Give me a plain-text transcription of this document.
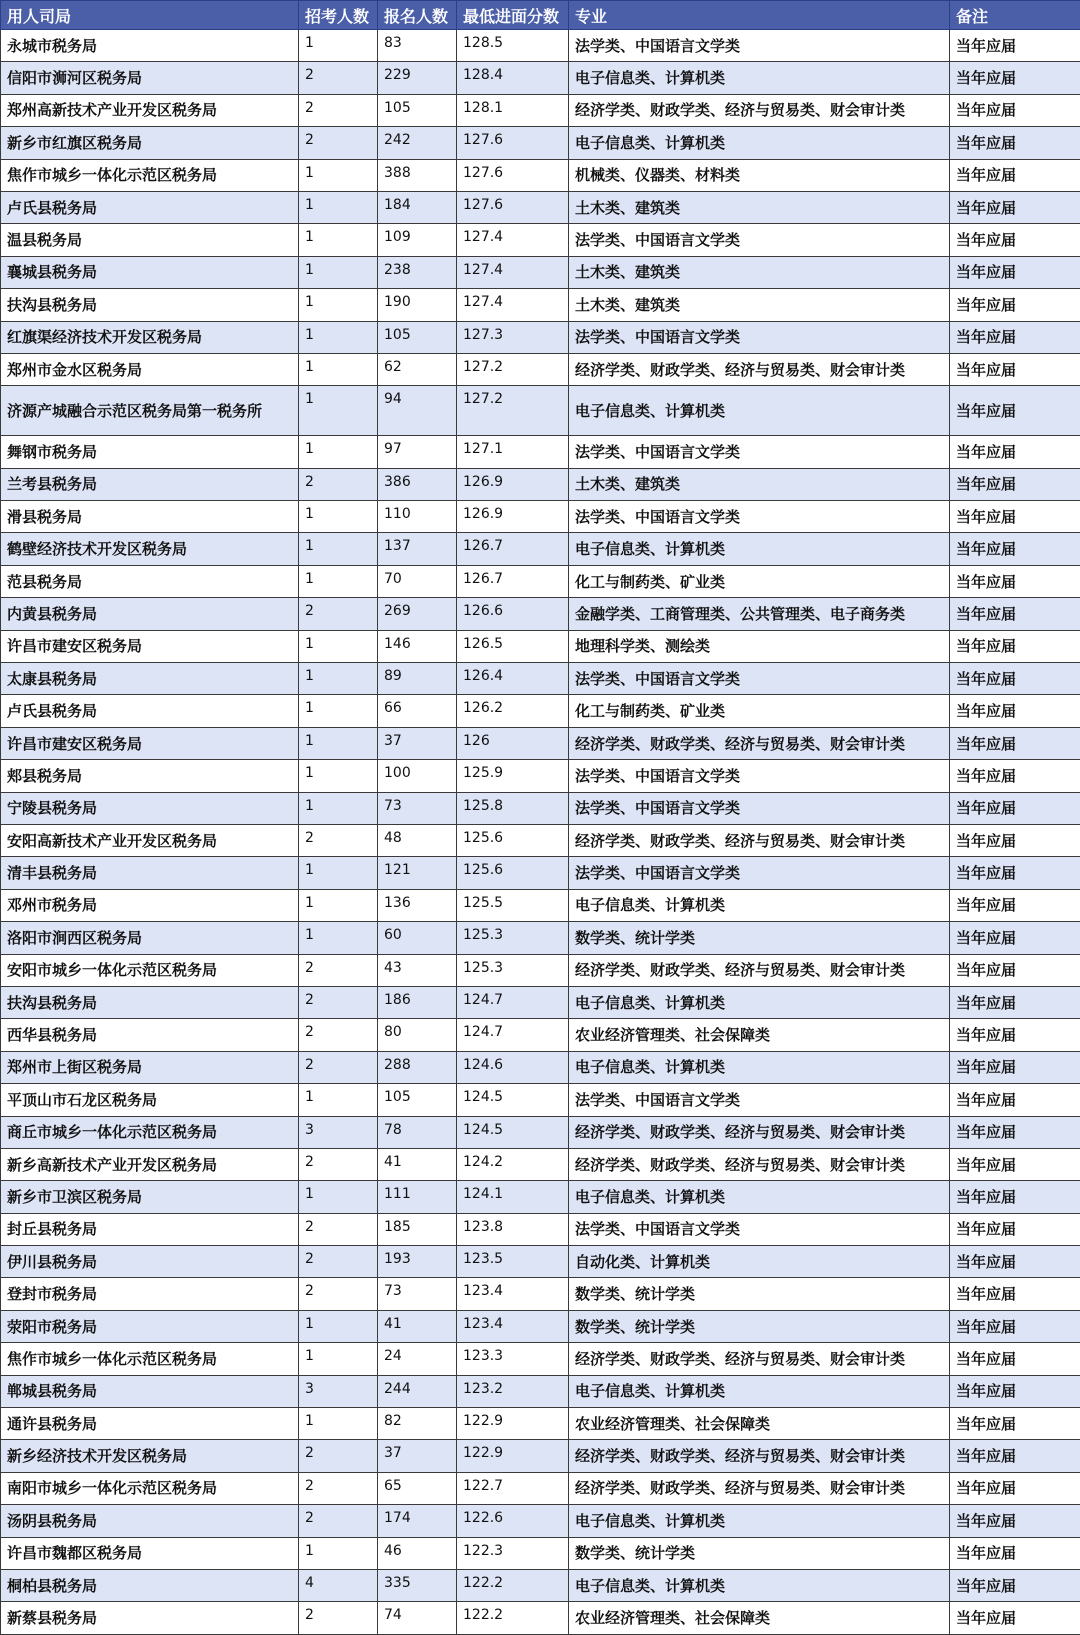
用人司局	招考人数	报名人数	最低进面分数	专业	备注
永城市税务局	1	83	128.5	法学类、中国语言文学类	当年应届
信阳市浉河区税务局	2	229	128.4	电子信息类、计算机类	当年应届
郑州高新技术产业开发区税务局	2	105	128.1	经济学类、财政学类、经济与贸易类、财会审计类	当年应届
新乡市红旗区税务局	2	242	127.6	电子信息类、计算机类	当年应届
焦作市城乡一体化示范区税务局	1	388	127.6	机械类、仪器类、材料类	当年应届
卢氏县税务局	1	184	127.6	土木类、建筑类	当年应届
温县税务局	1	109	127.4	法学类、中国语言文学类	当年应届
襄城县税务局	1	238	127.4	土木类、建筑类	当年应届
扶沟县税务局	1	190	127.4	土木类、建筑类	当年应届
红旗渠经济技术开发区税务局	1	105	127.3	法学类、中国语言文学类	当年应届
郑州市金水区税务局	1	62	127.2	经济学类、财政学类、经济与贸易类、财会审计类	当年应届
济源产城融合示范区税务局第一税务所	1	94	127.2	电子信息类、计算机类	当年应届
舞钢市税务局	1	97	127.1	法学类、中国语言文学类	当年应届
兰考县税务局	2	386	126.9	土木类、建筑类	当年应届
滑县税务局	1	110	126.9	法学类、中国语言文学类	当年应届
鹤壁经济技术开发区税务局	1	137	126.7	电子信息类、计算机类	当年应届
范县税务局	1	70	126.7	化工与制药类、矿业类	当年应届
内黄县税务局	2	269	126.6	金融学类、工商管理类、公共管理类、电子商务类	当年应届
许昌市建安区税务局	1	146	126.5	地理科学类、测绘类	当年应届
太康县税务局	1	89	126.4	法学类、中国语言文学类	当年应届
卢氏县税务局	1	66	126.2	化工与制药类、矿业类	当年应届
许昌市建安区税务局	1	37	126	经济学类、财政学类、经济与贸易类、财会审计类	当年应届
郏县税务局	1	100	125.9	法学类、中国语言文学类	当年应届
宁陵县税务局	1	73	125.8	法学类、中国语言文学类	当年应届
安阳高新技术产业开发区税务局	2	48	125.6	经济学类、财政学类、经济与贸易类、财会审计类	当年应届
清丰县税务局	1	121	125.6	法学类、中国语言文学类	当年应届
邓州市税务局	1	136	125.5	电子信息类、计算机类	当年应届
洛阳市涧西区税务局	1	60	125.3	数学类、统计学类	当年应届
安阳市城乡一体化示范区税务局	2	43	125.3	经济学类、财政学类、经济与贸易类、财会审计类	当年应届
扶沟县税务局	2	186	124.7	电子信息类、计算机类	当年应届
西华县税务局	2	80	124.7	农业经济管理类、社会保障类	当年应届
郑州市上街区税务局	2	288	124.6	电子信息类、计算机类	当年应届
平顶山市石龙区税务局	1	105	124.5	法学类、中国语言文学类	当年应届
商丘市城乡一体化示范区税务局	3	78	124.5	经济学类、财政学类、经济与贸易类、财会审计类	当年应届
新乡高新技术产业开发区税务局	2	41	124.2	经济学类、财政学类、经济与贸易类、财会审计类	当年应届
新乡市卫滨区税务局	1	111	124.1	电子信息类、计算机类	当年应届
封丘县税务局	2	185	123.8	法学类、中国语言文学类	当年应届
伊川县税务局	2	193	123.5	自动化类、计算机类	当年应届
登封市税务局	2	73	123.4	数学类、统计学类	当年应届
荥阳市税务局	1	41	123.4	数学类、统计学类	当年应届
焦作市城乡一体化示范区税务局	1	24	123.3	经济学类、财政学类、经济与贸易类、财会审计类	当年应届
郸城县税务局	3	244	123.2	电子信息类、计算机类	当年应届
通许县税务局	1	82	122.9	农业经济管理类、社会保障类	当年应届
新乡经济技术开发区税务局	2	37	122.9	经济学类、财政学类、经济与贸易类、财会审计类	当年应届
南阳市城乡一体化示范区税务局	2	65	122.7	经济学类、财政学类、经济与贸易类、财会审计类	当年应届
汤阴县税务局	2	174	122.6	电子信息类、计算机类	当年应届
许昌市魏都区税务局	1	46	122.3	数学类、统计学类	当年应届
桐柏县税务局	4	335	122.2	电子信息类、计算机类	当年应届
新蔡县税务局	2	74	122.2	农业经济管理类、社会保障类	当年应届
